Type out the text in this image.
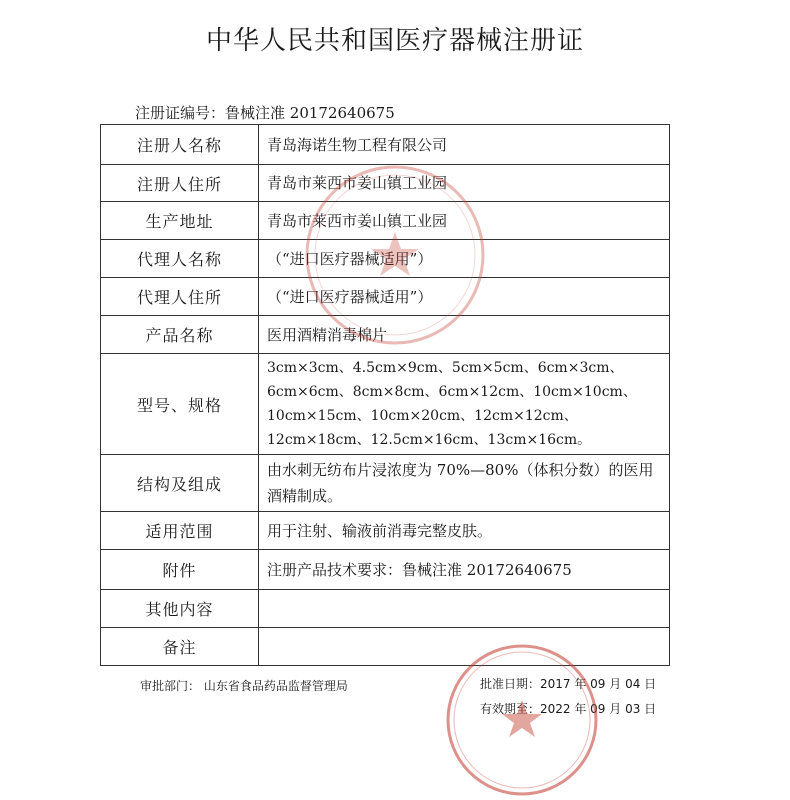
中华人民共和国医疗器械注册证
注册证编号：鲁械注准 20172640675
注册人名称	青岛海诺生物工程有限公司
注册人住所	青岛市莱西市姜山镇工业园
生产地址	青岛市莱西市姜山镇工业园
代理人名称	（“进口医疗器械适用”）
代理人住所	（“进口医疗器械适用”）
产品名称	医用酒精消毒棉片
型号、规格	3cm×3cm、4.5cm×9cm、5cm×5cm、6cm×3cm、6cm×6cm、8cm×8cm、6cm×12cm、10cm×10cm、10cm×15cm、10cm×20cm、12cm×12cm、12cm×18cm、12.5cm×16cm、13cm×16cm。
结构及组成	由水刺无纺布片浸浓度为 70%—80%（体积分数）的医用酒精制成。
适用范围	用于注射、输液前消毒完整皮肤。
附件	注册产品技术要求：鲁械注准 20172640675
其他内容	
备注	
审批部门： 山东省食品药品监督管理局	批准日期：2017 年 09 月 04 日
有效期至：2022 年 09 月 03 日
